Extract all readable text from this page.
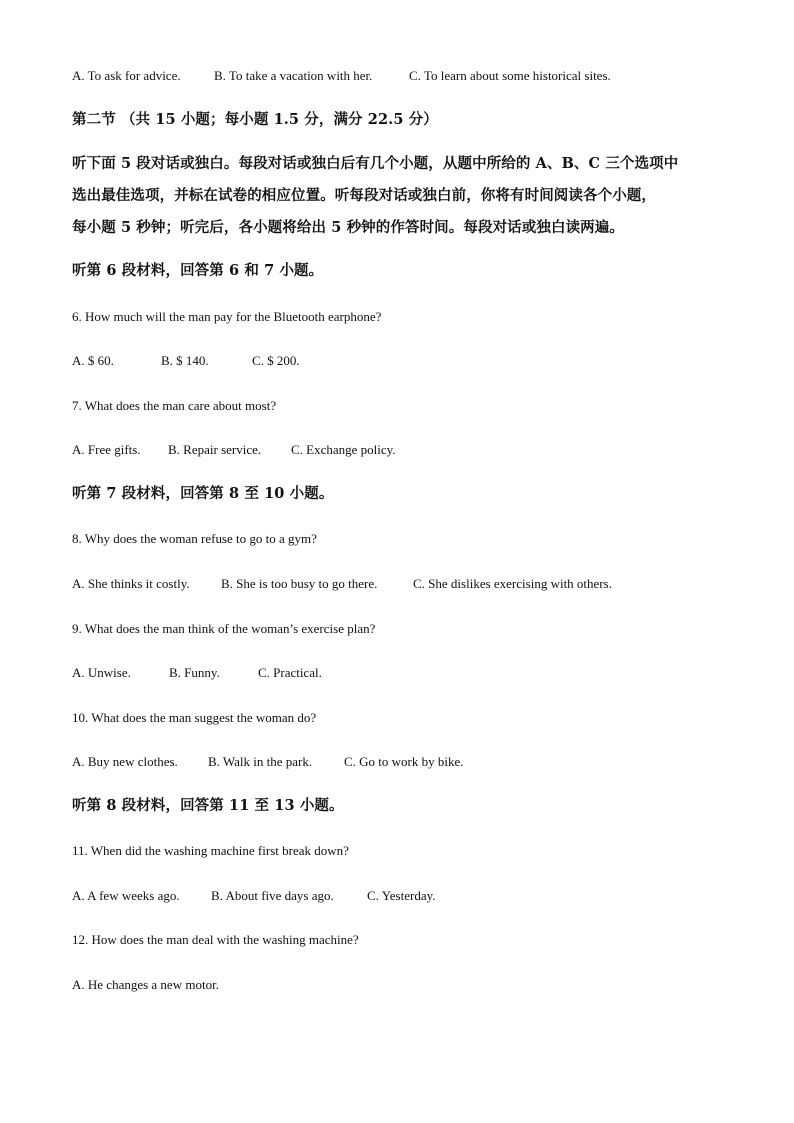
A. To ask for advice.	B. To take a vacation with her.	C. To learn about some historical sites.
第二节 （共 15 小题；每小题 1.5 分，满分 22.5 分）
听下面 5 段对话或独白。每段对话或独白后有几个小题，从题中所给的 A、B、C 三个选项中
选出最佳选项，并标在试卷的相应位置。听每段对话或独白前，你将有时间阅读各个小题，
每小题 5 秒钟；听完后，各小题将给出 5 秒钟的作答时间。每段对话或独白读两遍。
听第 6 段材料，回答第 6 和 7 小题。
6. How much will the man pay for the Bluetooth earphone?
A. $ 60.	B. $ 140.	C. $ 200.
7. What does the man care about most?
A. Free gifts. B. Repair service. C. Exchange policy.
听第 7 段材料，回答第 8 至 10 小题。
8. Why does the woman refuse to go to a gym?
A. She thinks it costly. B. She is too busy to go there.	C. She dislikes exercising with others.
9. What does the man think of the woman’s exercise plan?
A. Unwise.	B. Funny.	C. Practical.
10. What does the man suggest the woman do?
A. Buy new clothes. B. Walk in the park. C. Go to work by bike.
听第 8 段材料，回答第 11 至 13 小题。
11. When did the washing machine first break down?
A. A few weeks ago. B. About five days ago.	C. Yesterday.
12. How does the man deal with the washing machine?
A. He changes a new motor.
